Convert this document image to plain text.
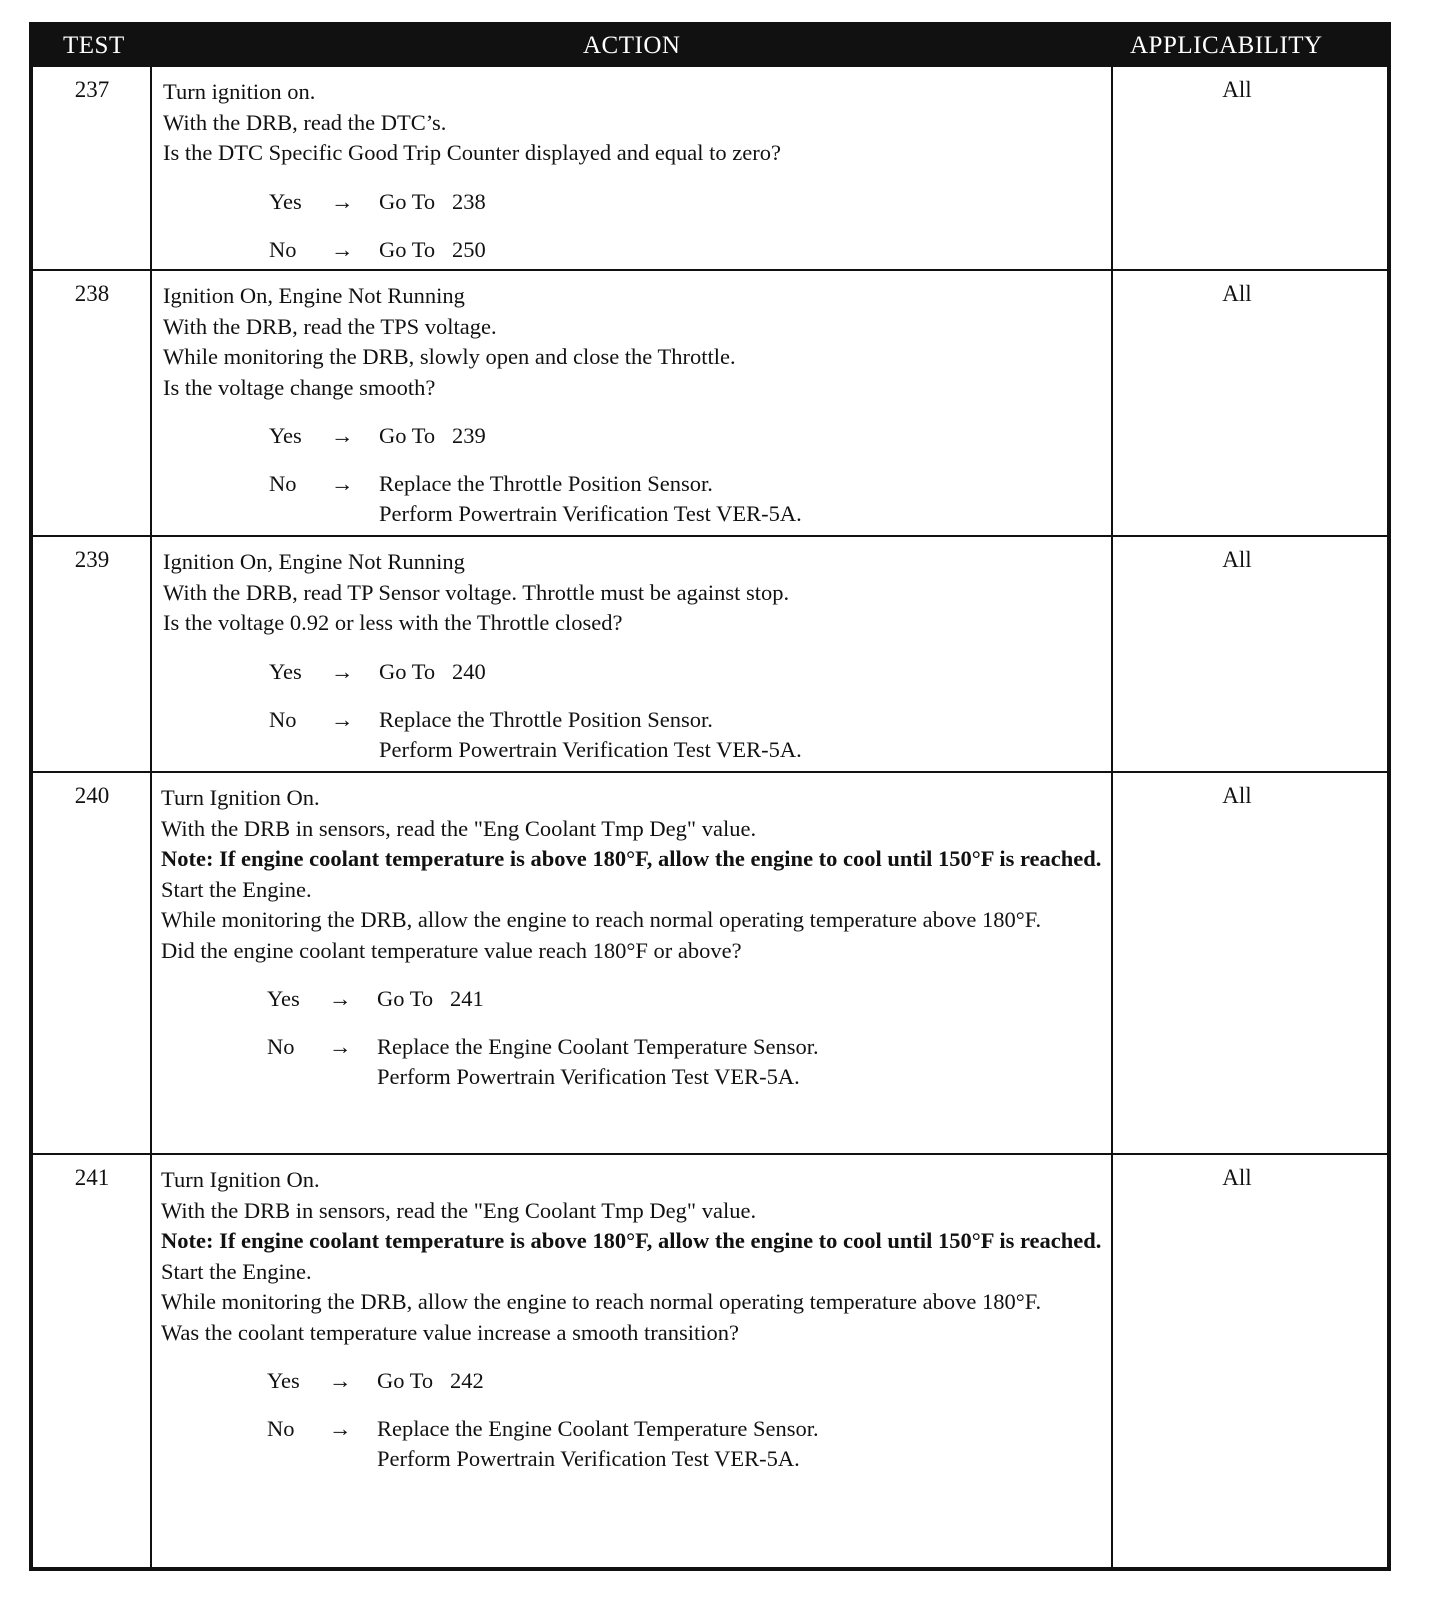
TEST	ACTION	APPLICABILITY
237	Turn ignition on.
With the DRB, read the DTC’s.
Is the DTC Specific Good Trip Counter displayed and equal to zero?
Yes → Go To   238
No → Go To   250
All
238	Ignition On, Engine Not Running
With the DRB, read the TPS voltage.
While monitoring the DRB, slowly open and close the Throttle.
Is the voltage change smooth?
Yes → Go To   239
No → Replace the Throttle Position Sensor.
Perform Powertrain Verification Test VER-5A.
All
239	Ignition On, Engine Not Running
With the DRB, read TP Sensor voltage. Throttle must be against stop.
Is the voltage 0.92 or less with the Throttle closed?
Yes → Go To   240
No → Replace the Throttle Position Sensor.
Perform Powertrain Verification Test VER-5A.
All
240	Turn Ignition On.
With the DRB in sensors, read the "Eng Coolant Tmp Deg" value.
Note: If engine coolant temperature is above 180°F, allow the engine to cool until 150°F is reached.
Start the Engine.
While monitoring the DRB, allow the engine to reach normal operating temperature above 180°F.
Did the engine coolant temperature value reach 180°F or above?
Yes → Go To   241
No → Replace the Engine Coolant Temperature Sensor.
Perform Powertrain Verification Test VER-5A.
All
241	Turn Ignition On.
With the DRB in sensors, read the "Eng Coolant Tmp Deg" value.
Note: If engine coolant temperature is above 180°F, allow the engine to cool until 150°F is reached.
Start the Engine.
While monitoring the DRB, allow the engine to reach normal operating temperature above 180°F.
Was the coolant temperature value increase a smooth transition?
Yes → Go To   242
No → Replace the Engine Coolant Temperature Sensor.
Perform Powertrain Verification Test VER-5A.
All
